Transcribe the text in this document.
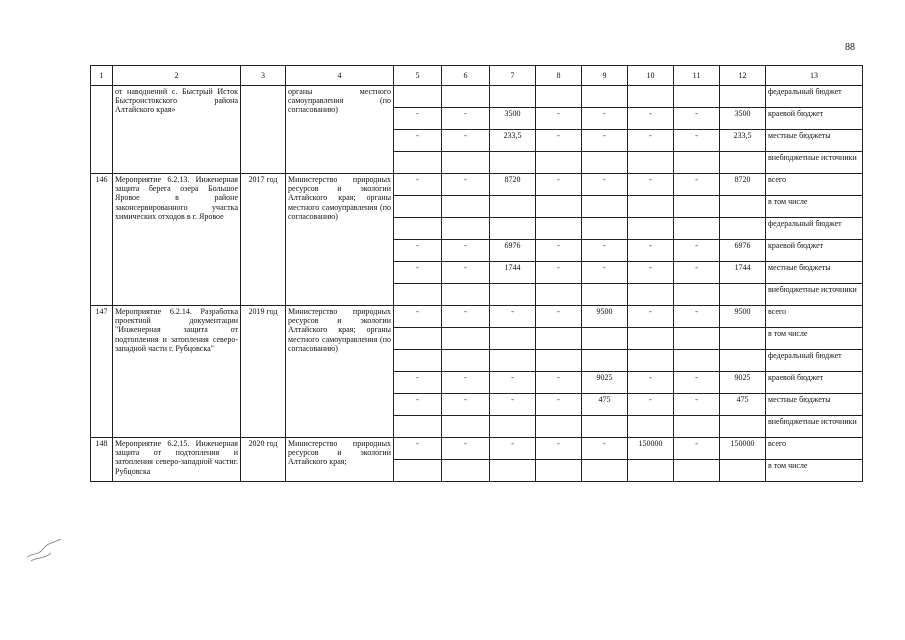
88
1	2	3	4	5	6	7	8	9	10	11	12	13
	от наводнений с. Быстрый Исток Быстроистокского района Алтайского края»		органы местного самоуправления (по согласованию)									федеральный бюджет
				-	-	3500	-	-	-	-	3500	краевой бюджет
				-	-	233,5	-	-	-	-	233,5	местные бюджеты
												внебюджетные источники
146	Мероприятие 6.2.13. Инженерная защита берега озера Большое Яровое в районе законсервированного участка химических отходов в г. Яровое	2017 год	Министерство природных ресурсов и экологии Алтайского края; органы местного самоуправления (по согласованию)	-	-	8720	-	-	-	-	8720	всего
												в том числе
												федеральный бюджет
				-	-	6976	-	-	-	-	6976	краевой бюджет
				-	-	1744	-	-	-	-	1744	местные бюджеты
												внебюджетные источники
147	Мероприятие 6.2.14. Разработка проектной документации "Инженерная защита от подтопления и затопления северо-западной части г. Рубцовска"	2019 год	Министерство природных ресурсов и экологии Алтайского края; органы местного самоуправления (по согласованию)	-	-	-	-	9500	-	-	9500	всего
												в том числе
												федеральный бюджет
				-	-	-	-	9025	-	-	9025	краевой бюджет
				-	-	-	-	475	-	-	475	местные бюджеты
												внебюджетные источники
148	Мероприятие 6.2.15. Инженерная защита от подтопления и затопления северо-западной частиг. Рубцовска	2020 год	Министерство природных ресурсов и экологии Алтайского края;	-	-	-	-	-	150000	-	150000	всего
												в том числе
